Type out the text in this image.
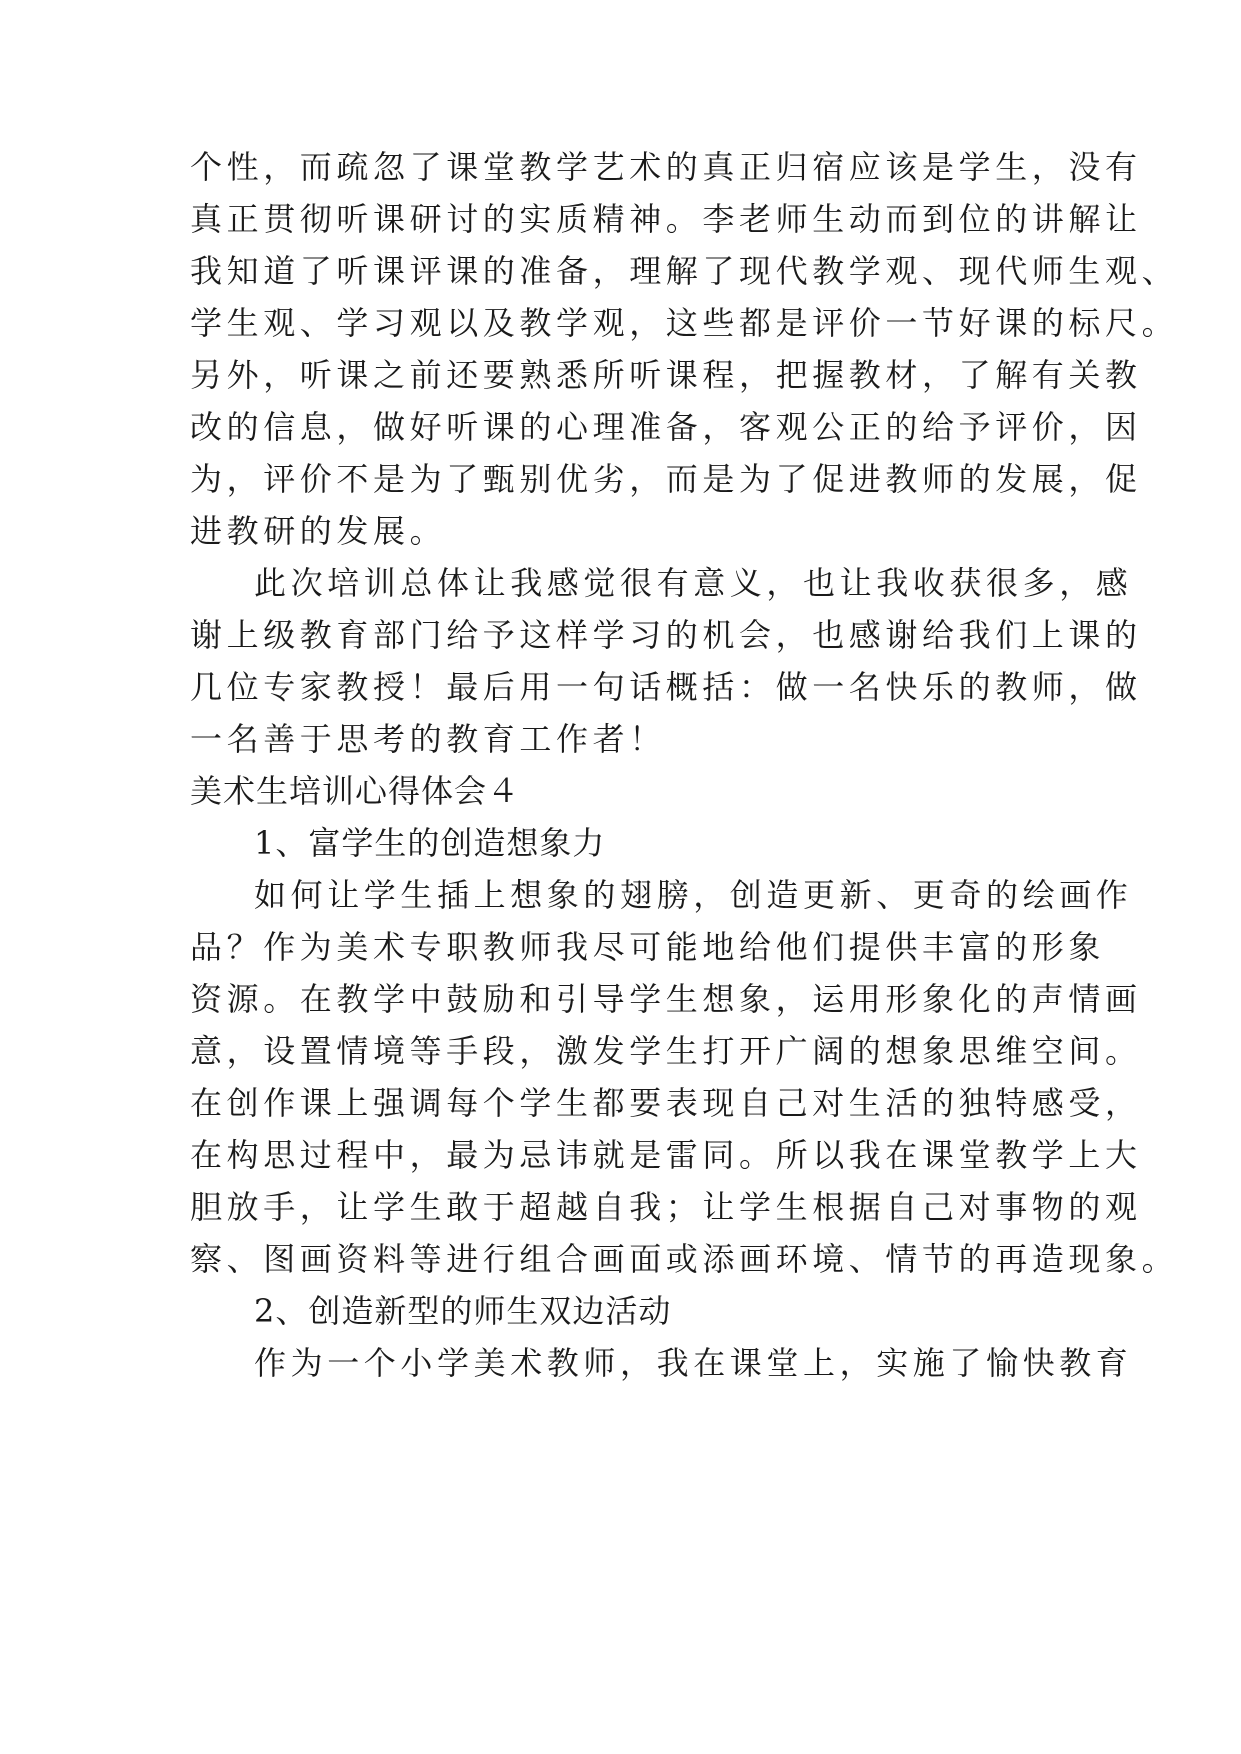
个性，而疏忽了课堂教学艺术的真正归宿应该是学生，没有
真正贯彻听课研讨的实质精神。李老师生动而到位的讲解让
我知道了听课评课的准备，理解了现代教学观、现代师生观、
学生观、学习观以及教学观，这些都是评价一节好课的标尺。
另外，听课之前还要熟悉所听课程，把握教材，了解有关教
改的信息，做好听课的心理准备，客观公正的给予评价，因
为，评价不是为了甄别优劣，而是为了促进教师的发展，促
进教研的发展。
此次培训总体让我感觉很有意义，也让我收获很多，感
谢上级教育部门给予这样学习的机会，也感谢给我们上课的
几位专家教授！最后用一句话概括：做一名快乐的教师，做
一名善于思考的教育工作者！
美术生培训心得体会４
1、富学生的创造想象力
如何让学生插上想象的翅膀，创造更新、更奇的绘画作
品？作为美术专职教师我尽可能地给他们提供丰富的形象
资源。在教学中鼓励和引导学生想象，运用形象化的声情画
意，设置情境等手段，激发学生打开广阔的想象思维空间。
在创作课上强调每个学生都要表现自己对生活的独特感受，
在构思过程中，最为忌讳就是雷同。所以我在课堂教学上大
胆放手，让学生敢于超越自我；让学生根据自己对事物的观
察、图画资料等进行组合画面或添画环境、情节的再造现象。
2、创造新型的师生双边活动
作为一个小学美术教师，我在课堂上，实施了愉快教育
